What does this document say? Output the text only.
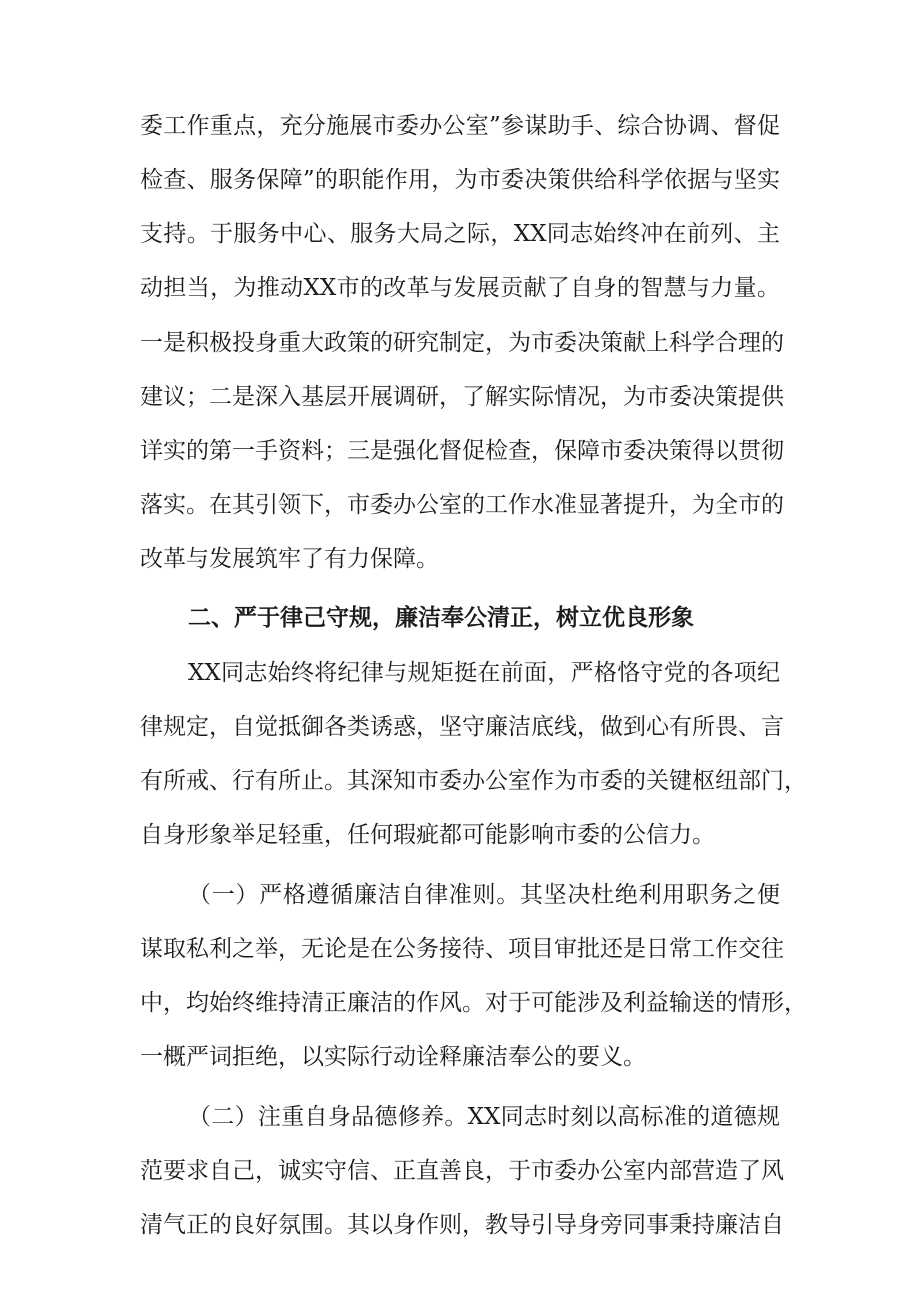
委工作重点，充分施展市委办公室”参谋助手、综合协调、督促
检查、服务保障”的职能作用，为市委决策供给科学依据与坚实
支持。于服务中心、服务大局之际，XX同志始终冲在前列、主
动担当，为推动XX市的改革与发展贡献了自身的智慧与力量。
一是积极投身重大政策的研究制定，为市委决策献上科学合理的
建议；二是深入基层开展调研，了解实际情况，为市委决策提供
详实的第一手资料；三是强化督促检查，保障市委决策得以贯彻
落实。在其引领下，市委办公室的工作水准显著提升，为全市的
改革与发展筑牢了有力保障。
二、严于律己守规，廉洁奉公清正，树立优良形象
XX同志始终将纪律与规矩挺在前面，严格恪守党的各项纪
律规定，自觉抵御各类诱惑，坚守廉洁底线，做到心有所畏、言
有所戒、行有所止。其深知市委办公室作为市委的关键枢纽部门，
自身形象举足轻重，任何瑕疵都可能影响市委的公信力。
（一）严格遵循廉洁自律准则。其坚决杜绝利用职务之便
谋取私利之举，无论是在公务接待、项目审批还是日常工作交往
中，均始终维持清正廉洁的作风。对于可能涉及利益输送的情形，
一概严词拒绝，以实际行动诠释廉洁奉公的要义。
（二）注重自身品德修养。XX同志时刻以高标准的道德规
范要求自己，诚实守信、正直善良，于市委办公室内部营造了风
清气正的良好氛围。其以身作则，教导引导身旁同事秉持廉洁自
